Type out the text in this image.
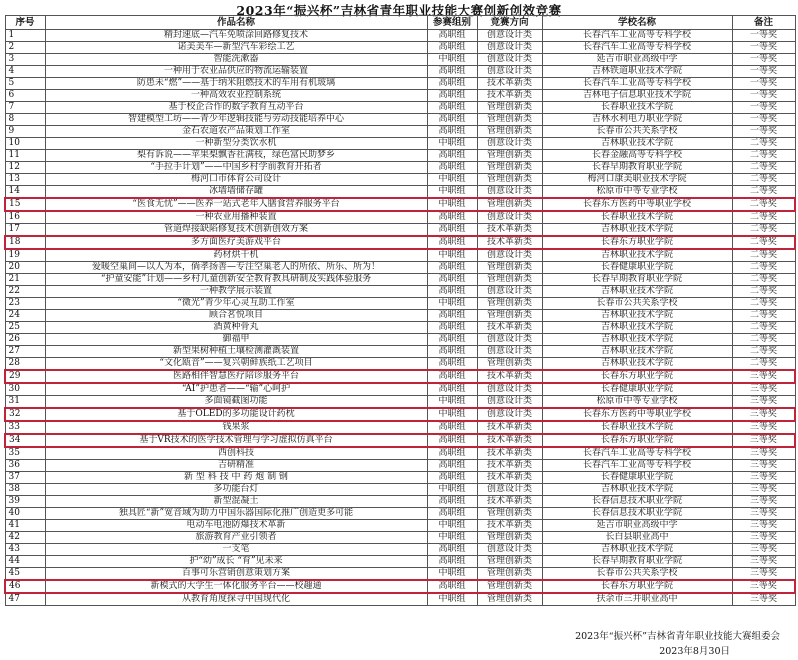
2023年“振兴杯”吉林省青年职业技能大赛创新创效竞赛
序号	作品名称	参赛组别	竞赛方向	学校名称	备注
1	精封速底—汽车免喷涂回路修复技术	高职组	创意设计类	长春汽车工业高等专科学校	一等奖
2	诺美美车—新型汽车彩绘工艺	高职组	创意设计类	长春汽车工业高等专科学校	一等奖
3	智能洗漱器	中职组	创意设计类	延吉市职业高级中学	一等奖
4	一种用于农业品供应的物流运输装置	高职组	创意设计类	吉林铁道职业技术学院	一等奖
5	防患未“燃”——基于纳米阻燃技术的车用有机玻璃	高职组	技术革新类	长春汽车工业高等专科学校	一等奖
6	一种高效农业控制系统	高职组	技术革新类	吉林电子信息职业技术学院	一等奖
7	基于校企合作的数字教育互动平台	高职组	管理创新类	长春职业技术学院	一等奖
8	智建模型工坊——青少年逻辑技能与劳动技能培养中心	高职组	管理创新类	吉林水利电力职业学院	一等奖
9	金石农道农产品策划工作室	高职组	管理创新类	长春市公共关系学校	一等奖
10	一种新型分类饮水机	中职组	创意设计类	吉林职业技术学院	二等奖
11	梨有诉说——苹果梨飘香社满枝，绿色富民助梦乡	高职组	管理创新类	长春金融高等专科学校	二等奖
12	“手拉手计划”——中国乡村学前教育开拓者	高职组	管理创新类	长春早期教育职业学院	二等奖
13	梅河口市体育公司设计	中职组	管理创新类	梅河口康美职业技术学院	二等奖
14	冰墙墙储存罐	中职组	创意设计类	松原市中等专业学校	二等奖
15	“医食无忧”——医养一站式老年人膳食营养服务平台	中职组	管理创新类	长春东方医药中等职业学校	二等奖
16	一种农业用播种装置	高职组	创意设计类	长春职业技术学院	二等奖
17	管道焊接缺陷修复技术创新创效方案	高职组	技术革新类	吉林职业技术学院	二等奖
18	多方面医疗美游戏平台	高职组	技术革新类	长春东方职业学院	二等奖
19	药材烘干机	中职组	创意设计类	吉林职业技术学院	二等奖
20	爱暖空巢间—以人为本，倘孝扬善—专注空巢老人的所依、所乐、所为！	高职组	管理创新类	长春健康职业学院	二等奖
21	“护童安能”计划——乡村儿童创新安全教育教具研制及实践体验服务	高职组	管理创新类	长春早期教育职业学院	二等奖
22	一种教学展示装置	高职组	创意设计类	吉林职业技术学院	二等奖
23	“微光”青少年心灵互助工作室	中职组	管理创新类	长春市公共关系学校	二等奖
24	顾合茗悦项目	高职组	管理创新类	吉林职业技术学院	二等奖
25	酒黄种骨丸	高职组	技术革新类	吉林职业技术学院	二等奖
26	御福甲	高职组	创意设计类	吉林职业技术学院	二等奖
27	新型果树种植土壤检测灌溉装置	高职组	创意设计类	吉林职业技术学院	二等奖
28	“文化瓯音”——复兴朝鲜族纸工艺项目	高职组	管理创新类	吉林职业技术学院	二等奖
29	医路相伴智慧医疗陪诊服务平台	高职组	技术革新类	长春东方职业学院	三等奖
30	“AI”护患者——“输”心呵护	高职组	创意设计类	长春健康职业学院	三等奖
31	多面镜截图功能	中职组	创意设计类	松原市中等专业学校	三等奖
32	基于OLED的多功能设计药枕	中职组	创意设计类	长春东方医药中等职业学校	三等奖
33	钱果浆	高职组	技术革新类	长春职业技术学院	三等奖
34	基于VR技术的医学技术管理与学习虚拟仿真平台	高职组	技术革新类	长春东方职业学院	三等奖
35	西创科技	高职组	技术革新类	长春汽车工业高等专科学校	三等奖
36	吉研精准	高职组	技术革新类	长春汽车工业高等专科学校	三等奖
37	新 型 科 技 中 药 炮 制 钢	高职组	技术革新类	长春健康职业学院	三等奖
38	多功能台灯	中职组	创意设计类	吉林职业技术学院	三等奖
39	新型混凝土	高职组	技术革新类	长春信息技术职业学院	三等奖
40	独具匠“新”宽音域为助力中国乐器国际化推广创造更多可能	高职组	管理创新类	长春信息技术职业学院	三等奖
41	电动车电池防爆技术革新	中职组	技术革新类	延吉市职业高级中学	三等奖
42	旅游教育产业引领者	中职组	管理创新类	长白县职业高中	三等奖
43	一支笔	高职组	创意设计类	吉林职业技术学院	三等奖
44	护“幼”成长 “育”见未来	高职组	管理创新类	长春早期教育职业学院	三等奖
45	百事可乐营销创意策划方案	中职组	管理创新类	长春市公共关系学校	三等奖
46	新模式的大学生一体化服务平台——校趣通	高职组	管理创新类	长春东方职业学院	三等奖
47	从教育角度探寻中国现代化	中职组	管理创新类	扶余市三井职业高中	三等奖
2023年“振兴杯”吉林省青年职业技能大赛组委会
2023年8月30日
